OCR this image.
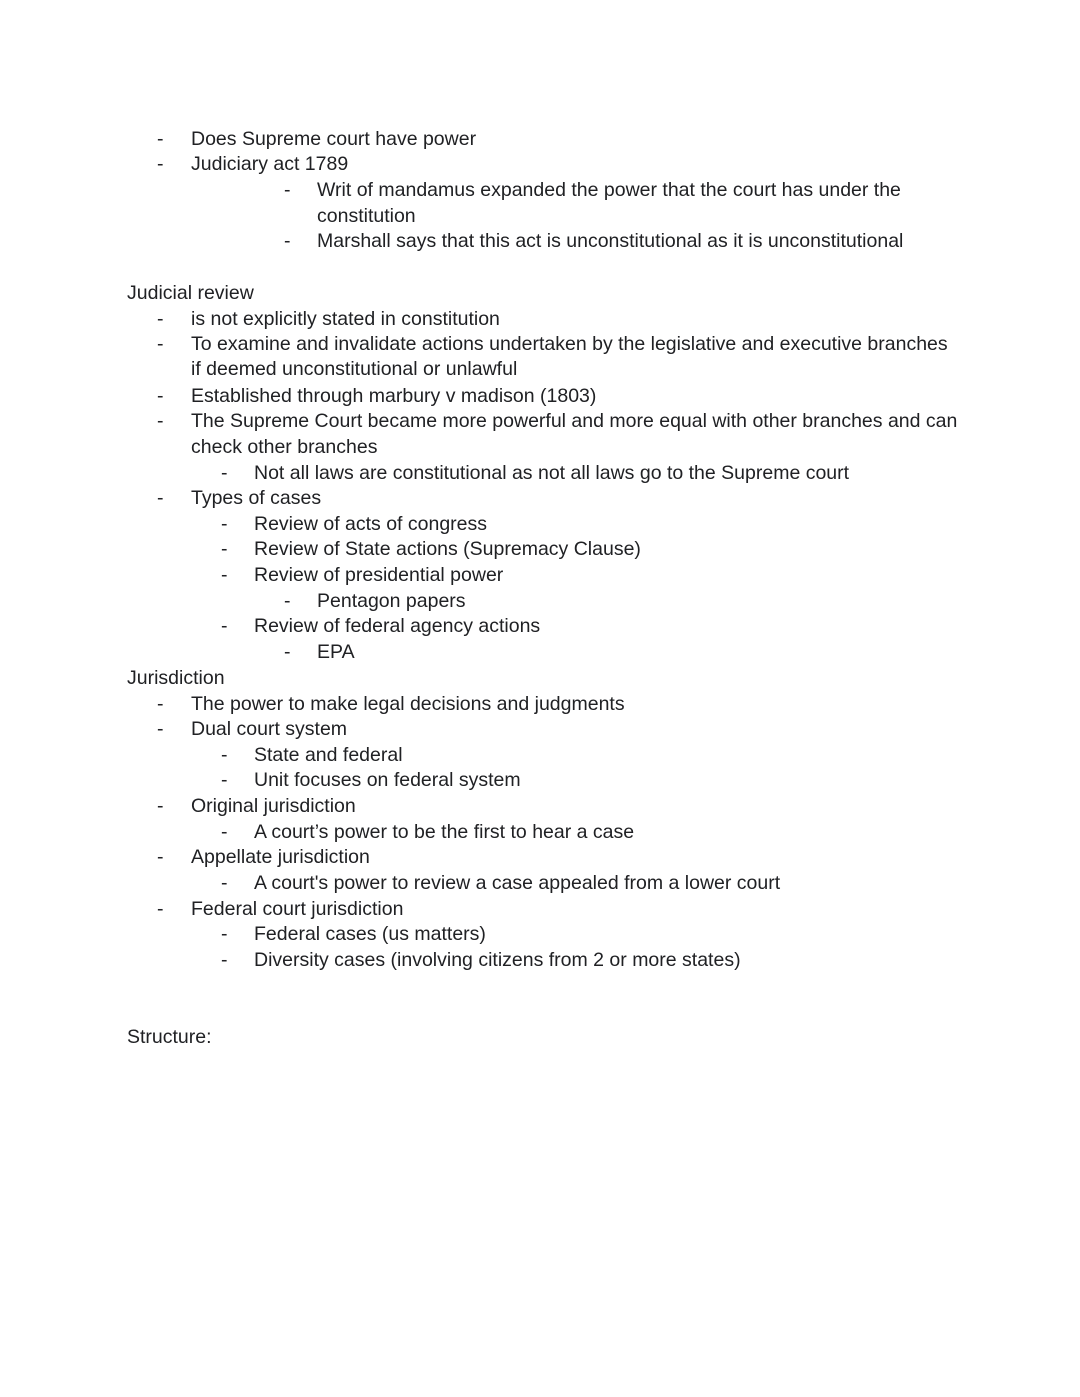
- Does Supreme court have power
- Judiciary act 1789
- Writ of mandamus expanded the power that the court has under the
constitution
- Marshall says that this act is unconstitutional as it is unconstitutional
Judicial review
- is not explicitly stated in constitution
- To examine and invalidate actions undertaken by the legislative and executive branches
if deemed unconstitutional or unlawful
- Established through marbury v madison (1803)
- The Supreme Court became more powerful and more equal with other branches and can
check other branches
- Not all laws are constitutional as not all laws go to the Supreme court
- Types of cases
- Review of acts of congress
- Review of State actions (Supremacy Clause)
- Review of presidential power
- Pentagon papers
- Review of federal agency actions
- EPA
Jurisdiction
- The power to make legal decisions and judgments
- Dual court system
- State and federal
- Unit focuses on federal system
- Original jurisdiction
- A court’s power to be the first to hear a case
- Appellate jurisdiction
- A court's power to review a case appealed from a lower court
- Federal court jurisdiction
- Federal cases (us matters)
- Diversity cases (involving citizens from 2 or more states)
Structure:
